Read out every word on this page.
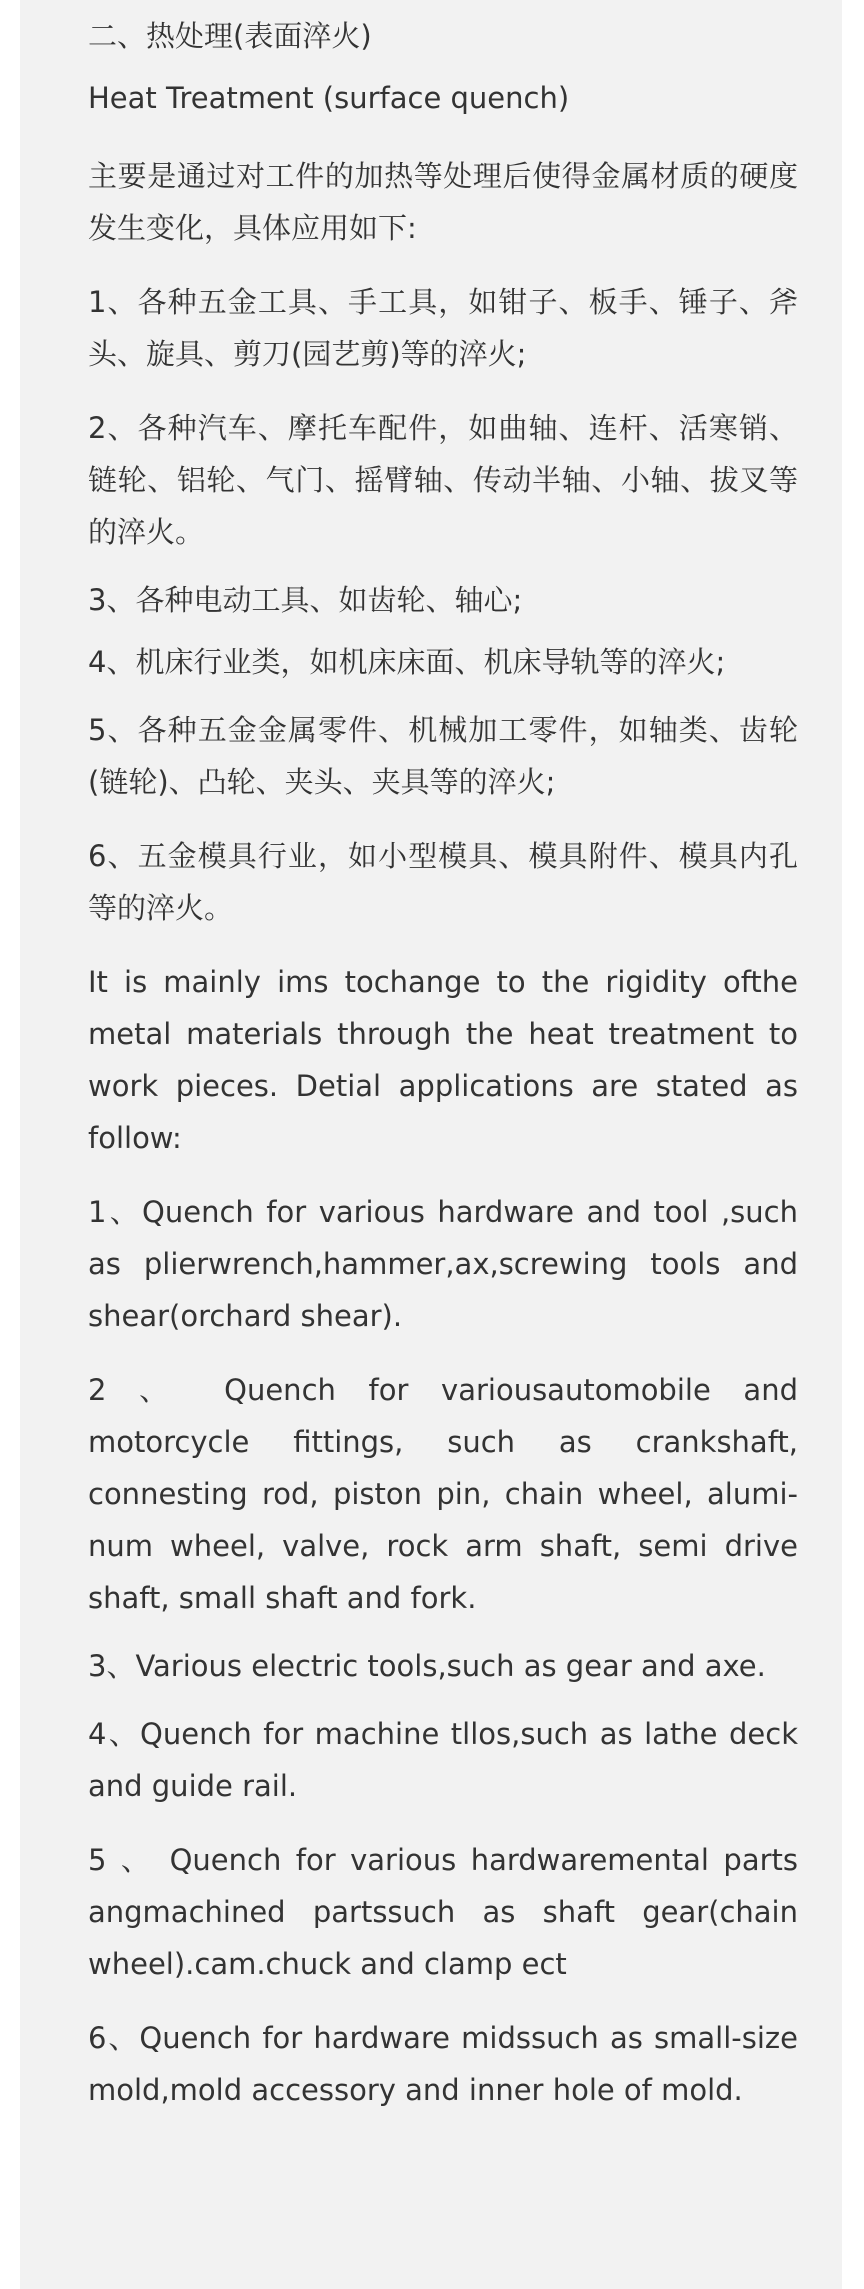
二、热处理(表面淬火)

Heat Treatment (surface quench)

主要是通过对工件的加热等处理后使得金属材质的硬度发生变化，具体应用如下:

1、各种五金工具、手工具，如钳子、板手、锤子、斧头、旋具、剪刀(园艺剪)等的淬火;

2、各种汽车、摩托车配件，如曲轴、连杆、活寒销、链轮、铝轮、气门、摇臂轴、传动半轴、小轴、拔叉等的淬火。

3、各种电动工具、如齿轮、轴心;

4、机床行业类，如机床床面、机床导轨等的淬火;

5、各种五金金属零件、机械加工零件，如轴类、齿轮(链轮)、凸轮、夹头、夹具等的淬火;

6、五金模具行业，如小型模具、模具附件、模具内孔等的淬火。

It is mainly ims tochange to the rigidity ofthe metal materials through the heat treatment to work pieces. Detial applications are stated as follow:

1、Quench for various hardware and tool ,such as plierwrench,hammer,ax,screwing tools and shear(orchard shear).

2 、 Quench for variousautomobile and motorcycle fittings, such as crankshaft, connesting rod, piston pin, chain wheel, alumi-num wheel, valve, rock arm shaft, semi drive shaft, small shaft and fork.

3、Various electric tools,such as gear and axe.

4、Quench for machine tllos,such as lathe deck and guide rail.

5 、 Quench for various hardwaremental parts angmachined partssuch as shaft gear(chain wheel).cam.chuck and clamp ect

6、Quench for hardware midssuch as small-size mold,mold accessory and inner hole of mold.
